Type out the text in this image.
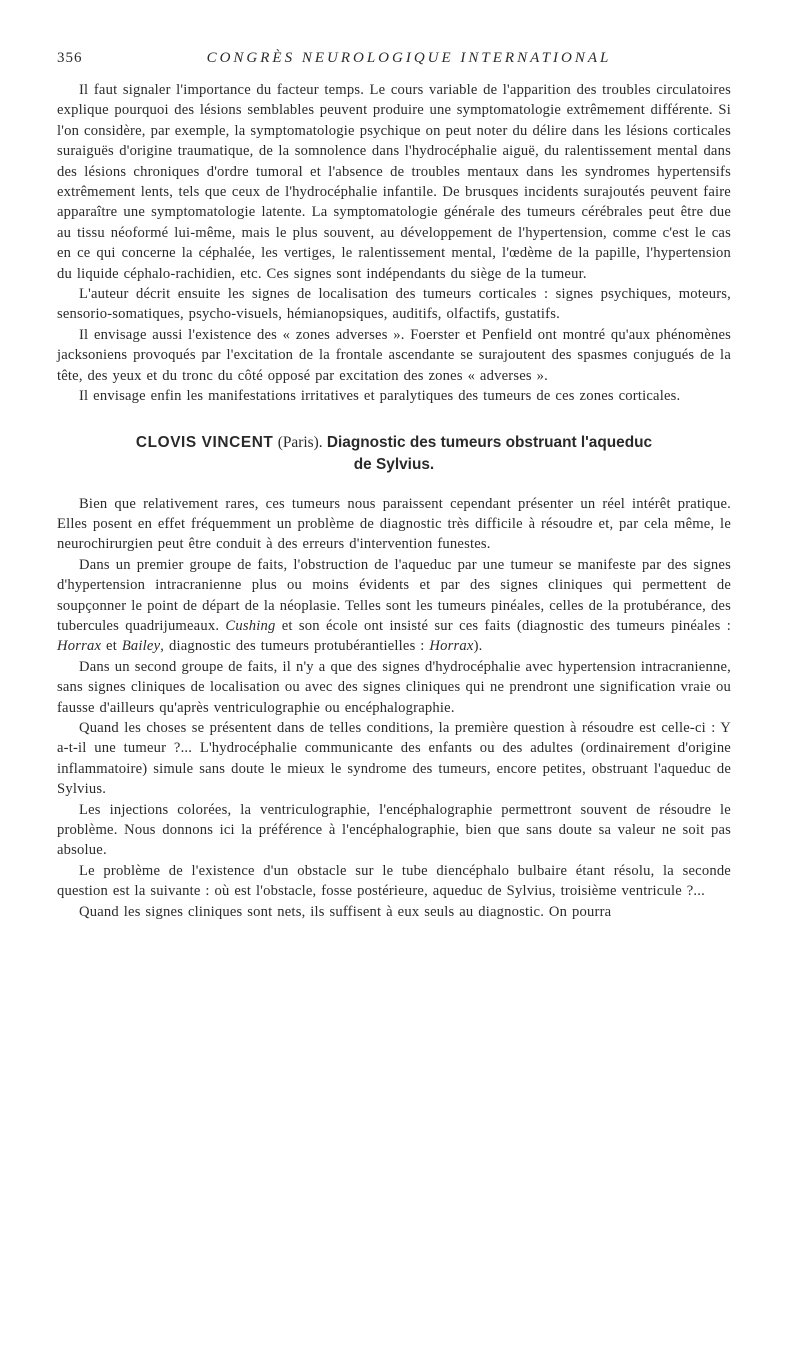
356	CONGRÈS NEUROLOGIQUE INTERNATIONAL

Il faut signaler l'importance du facteur temps. Le cours variable de l'apparition des troubles circulatoires explique pourquoi des lésions semblables peuvent produire une symptomatologie extrêmement différente. Si l'on considère, par exemple, la symptomatologie psychique on peut noter du délire dans les lésions corticales suraiguës d'origine traumatique, de la somnolence dans l'hydrocéphalie aiguë, du ralentissement mental dans des lésions chroniques d'ordre tumoral et l'absence de troubles mentaux dans les syndromes hypertensifs extrêmement lents, tels que ceux de l'hydrocéphalie infantile. De brusques incidents surajoutés peuvent faire apparaître une symptomatologie latente. La symptomatologie générale des tumeurs cérébrales peut être due au tissu néoformé lui-même, mais le plus souvent, au développement de l'hypertension, comme c'est le cas en ce qui concerne la céphalée, les vertiges, le ralentissement mental, l'œdème de la papille, l'hypertension du liquide céphalo-rachidien, etc. Ces signes sont indépendants du siège de la tumeur.

L'auteur décrit ensuite les signes de localisation des tumeurs corticales : signes psychiques, moteurs, sensorio-somatiques, psycho-visuels, hémianopsiques, auditifs, olfactifs, gustatifs.

Il envisage aussi l'existence des « zones adverses ». Foerster et Penfield ont montré qu'aux phénomènes jacksoniens provoqués par l'excitation de la frontale ascendante se surajoutent des spasmes conjugués de la tête, des yeux et du tronc du côté opposé par excitation des zones « adverses ».

Il envisage enfin les manifestations irritatives et paralytiques des tumeurs de ces zones corticales.

CLOVIS VINCENT (Paris). Diagnostic des tumeurs obstruant l'aqueduc
de Sylvius.

Bien que relativement rares, ces tumeurs nous paraissent cependant présenter un réel intérêt pratique. Elles posent en effet fréquemment un problème de diagnostic très difficile à résoudre et, par cela même, le neurochirurgien peut être conduit à des erreurs d'intervention funestes.

Dans un premier groupe de faits, l'obstruction de l'aqueduc par une tumeur se manifeste par des signes d'hypertension intracranienne plus ou moins évidents et par des signes cliniques qui permettent de soupçonner le point de départ de la néoplasie. Telles sont les tumeurs pinéales, celles de la protubérance, des tubercules quadrijumeaux. Cushing et son école ont insisté sur ces faits (diagnostic des tumeurs pinéales : Horrax et Bailey, diagnostic des tumeurs protubérantielles : Horrax).

Dans un second groupe de faits, il n'y a que des signes d'hydrocéphalie avec hypertension intracranienne, sans signes cliniques de localisation ou avec des signes cliniques qui ne prendront une signification vraie ou fausse d'ailleurs qu'après ventriculographie ou encéphalographie.

Quand les choses se présentent dans de telles conditions, la première question à résoudre est celle-ci : Y a-t-il une tumeur ?... L'hydrocéphalie communicante des enfants ou des adultes (ordinairement d'origine inflammatoire) simule sans doute le mieux le syndrome des tumeurs, encore petites, obstruant l'aqueduc de Sylvius.

Les injections colorées, la ventriculographie, l'encéphalographie permettront souvent de résoudre le problème. Nous donnons ici la préférence à l'encéphalographie, bien que sans doute sa valeur ne soit pas absolue.

Le problème de l'existence d'un obstacle sur le tube diencéphalo bulbaire étant résolu, la seconde question est la suivante : où est l'obstacle, fosse postérieure, aqueduc de Sylvius, troisième ventricule ?...

Quand les signes cliniques sont nets, ils suffisent à eux seuls au diagnostic. On pourra
